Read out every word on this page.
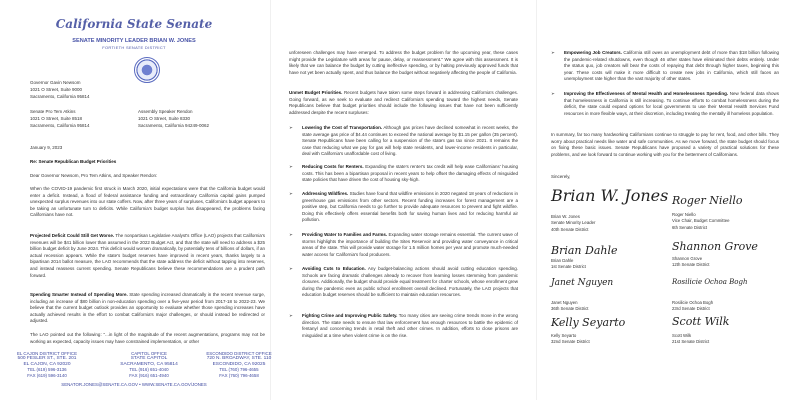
California State Senate
SENATE MINORITY LEADER BRIAN W. JONES
FORTIETH SENATE DISTRICT
Governor Gavin Newsom
1021 O Street, Suite 9000
Sacramento, California 95814
Senate Pro Tem Atkins
1021 O Street, Suite 8518
Sacramento, California 95814
Assembly Speaker Rendon
1021 O Street, Suite 8330
Sacramento, California 94249-0062
January 9, 2023
Re: Senate Republican Budget Priorities
Dear Governor Newsom, Pro Tem Atkins, and Speaker Rendon:
When the COVID-19 pandemic first struck in March 2020, initial expectations were that the California budget would enter a deficit. Instead, a flood of federal assistance funding and extraordinary California capital gains pumped unexpected surplus revenues into our state coffers. Now, after three years of surpluses, California's budget appears to be taking an unfortunate turn to deficits. While California's budget surplus has disappeared, the problems facing Californians have not.
Projected Deficit Could Still Get Worse. The nonpartisan Legislative Analyst's Office (LAO) projects that California's revenues will be $41 billion lower than assumed in the 2022 Budget Act, and that the state will need to address a $25 billion budget deficit by June 2024. This deficit would worsen dramatically, by potentially tens of billions of dollars, if an actual recession appears. While the state's budget reserves have improved in recent years, thanks largely to a bipartisan 2014 ballot measure, the LAO recommends that the state address the deficit without tapping into reserves, and instead reassess current spending. Senate Republicans believe these recommendations are a prudent path forward.
Spending Smarter Instead of Spending More. State spending increased dramatically in the recent revenue surge, including an increase of $80 billion in non-education spending over a five-year period from 2017-18 to 2022-23. We believe that the current budget outlook provides an opportunity to evaluate whether those spending increases have actually achieved results in the effort to combat California's major challenges, or should instead be redirected or adjusted.
The LAO pointed out the following: "...in light of the magnitude of the recent augmentations, programs may not be working as expected, capacity issues may have constrained implementation, or other
EL CAJON DISTRICT OFFICE
500 FESLER ST., STE. 201
EL CAJON, CA 92020
TEL (619) 596-3136
FAX (619) 596-3140
CAPITOL OFFICE
STATE CAPITOL
SACRAMENTO, CA 95814
TEL (916) 651-4040
FAX (916) 651-4940
ESCONDIDO DISTRICT OFFICE
720 N. BROADWAY, STE. 110
ESCONDIDO, CA 92025
TEL (760) 796-4655
FAX (760) 796-4658
SENATOR.JONES@SENATE.CA.GOV • WWW.SENATE.CA.GOV/JONES
unforeseen challenges may have emerged. To address the budget problem for the upcoming year, these cases might provide the Legislature with areas for pause, delay, or reassessment." We agree with this assessment. It is likely that we can balance the budget by cutting ineffective spending, or by halting previously approved funds that have not yet been actually spent, and thus balance the budget without negatively affecting the people of California.
Unmet Budget Priorities. Recent budgets have taken some steps forward in addressing California's challenges. Going forward, as we seek to evaluate and redirect California's spending toward the highest needs, Senate Republicans believe that budget priorities should include the following issues that have not been sufficiently addressed despite the recent surpluses:
➢ Lowering the Cost of Transportation. Although gas prices have declined somewhat in recent weeks, the state average gas price of $4.44 continues to exceed the national average by $1.15 per gallon (35 percent). Senate Republicans have been calling for a suspension of the state's gas tax since 2021. It remains the case that reducing what we pay for gas will help state residents, and lower-income residents in particular, deal with California's unaffordable cost of living.
➢ Reducing Costs for Renters. Expanding the state's renter's tax credit will help ease Californians' housing costs. This has been a bipartisan proposal in recent years to help offset the damaging effects of misguided state policies that have driven the cost of housing sky-high.
➢ Addressing Wildfires. Studies have found that wildfire emissions in 2020 negated 18 years of reductions in greenhouse gas emissions from other sectors. Recent funding increases for forest management are a positive step, but California needs to go further to provide adequate resources to prevent and fight wildfire. Doing this effectively offers essential benefits both for saving human lives and for reducing harmful air pollution.
➢ Providing Water to Families and Farms. Expanding water storage remains essential. The current wave of storms highlights the importance of building the Sites Reservoir and providing water conveyance in critical areas of the state. This will provide water storage for 1.5 million homes per year and promote much-needed water access for California's food producers.
➢ Avoiding Cuts to Education. Any budget-balancing actions should avoid cutting education spending. Schools are facing dramatic challenges already to recover from learning losses stemming from pandemic closures. Additionally, the budget should provide equal treatment for charter schools, whose enrollment grew during the pandemic even as public school enrollment overall declined. Fortunately, the LAO projects that education budget reserves should be sufficient to maintain education resources.
➢ Fighting Crime and Improving Public Safety. Too many cities are seeing crime trends move in the wrong direction. The state needs to ensure that law enforcement has enough resources to battle the epidemic of fentanyl and concerning trends in retail theft and other crimes. In addition, efforts to close prisons are misguided at a time when violent crime is on the rise.
➢ Empowering Job Creators. California still owes an unemployment debt of more than $18 billion following the pandemic-related shutdowns, even though 46 other states have eliminated their debts entirely. Under the status quo, job creators will bear the costs of repaying that debt through higher taxes, beginning this year. These costs will make it more difficult to create new jobs in California, which still faces an unemployment rate higher than the vast majority of other states.
➢ Improving the Effectiveness of Mental Health and Homelessness Spending. New federal data shows that homelessness in California is still increasing. To continue efforts to combat homelessness during the deficit, the state could expand options for local governments to use their Mental Health Services Fund resources in more flexible ways, at their discretion, including treating the mentally ill homeless population.
In summary, far too many hardworking Californians continue to struggle to pay for rent, food, and other bills. They worry about practical needs like water and safe communities. As we move forward, the state budget should focus on fixing these basic issues. Senate Republicans have proposed a variety of practical solutions for these problems, and we look forward to continue working with you for the betterment of Californians.
Sincerely,
Brian W. Jones
Brian W. Jones
Senate Minority Leader
40th Senate District
Brian Dahle
Brian Dahle
1st Senate District
Janet Nguyen
Janet Nguyen
36th Senate District
Kelly Seyarto
Kelly Seyarto
32nd Senate District
Roger Niello
Roger Niello
Vice Chair, Budget Committee
6th Senate District
Shannon Grove
Shannon Grove
12th Senate District
Rosilicie Ochoa Bogh
Rosilicie Ochoa Bogh
23rd Senate District
Scott Wilk
Scott Wilk
21st Senate District
